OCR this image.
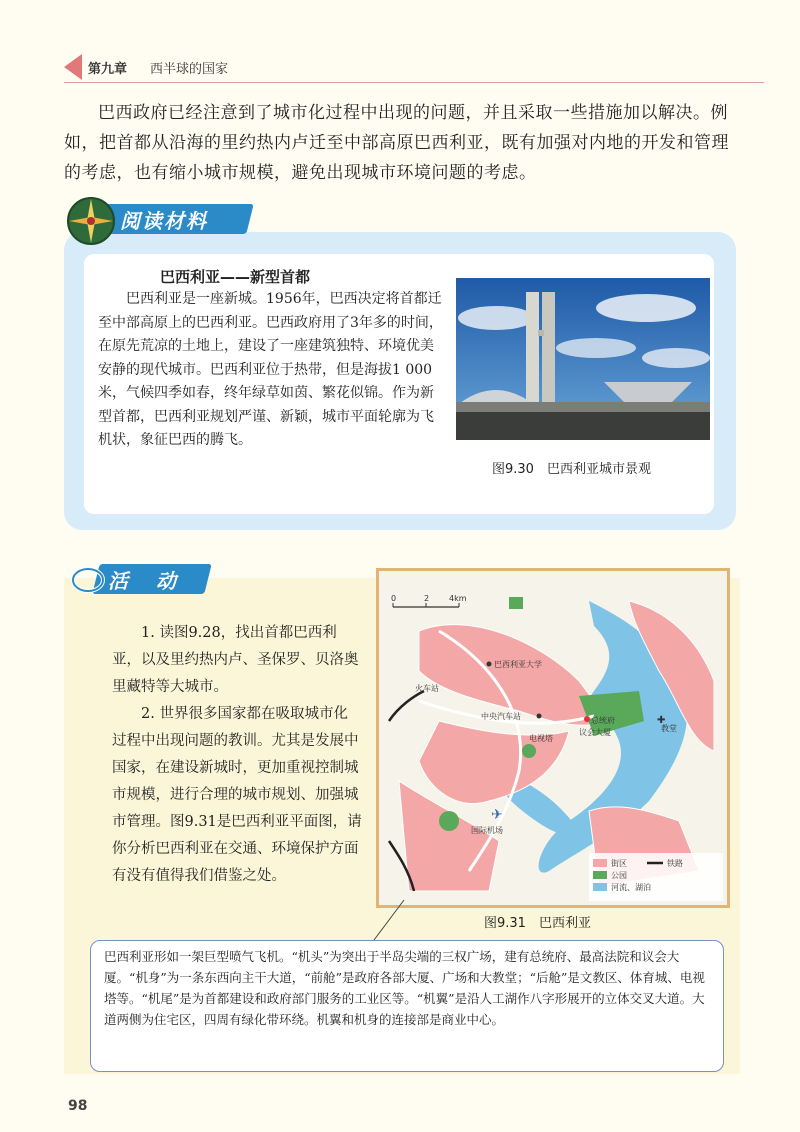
第九章 西半球的国家

巴西政府已经注意到了城市化过程中出现的问题，并且采取一些措施加以解决。例如，把首都从沿海的里约热内卢迁至中部高原巴西利亚，既有加强对内地的开发和管理的考虑，也有缩小城市规模，避免出现城市环境问题的考虑。

阅读材料
巴西利亚——新型首都

巴西利亚是一座新城。1956年，巴西决定将首都迁至中部高原上的巴西利亚。巴西政府用了3年多的时间，在原先荒凉的土地上，建设了一座建筑独特、环境优美安静的现代城市。巴西利亚位于热带，但是海拔1 000米，气候四季如春，终年绿草如茵、繁花似锦。作为新型首都，巴西利亚规划严谨、新颖，城市平面轮廓为飞机状，象征巴西的腾飞。

图9.30　巴西利亚城市景观
活　动

1. 读图9.28，找出首都巴西利亚，以及里约热内卢、圣保罗、贝洛奥里藏特等大城市。

2. 世界很多国家都在吸取城市化过程中出现问题的教训。尤其是发展中国家，在建设新城时，更加重视控制城市规模，进行合理的城市规划、加强城市管理。图9.31是巴西利亚平面图，请你分析巴西利亚在交通、环境保护方面有没有值得我们借鉴之处。

0	2 4km
巴西利亚大学
火车站
中央汽车站
电视塔
总统府
议会大厦	教堂
国际机场
✚
✈
街区	铁路
公园
河流、湖泊
图9.31　巴西利亚
巴西利亚形如一架巨型喷气飞机。“机头”为突出于半岛尖端的三权广场，建有总统府、最高法院和议会大厦。“机身”为一条东西向主干大道，“前舱”是政府各部大厦、广场和大教堂；“后舱”是文教区、体育城、电视塔等。“机尾”是为首都建设和政府部门服务的工业区等。“机翼”是沿人工湖作八字形展开的立体交叉大道。大道两侧为住宅区，四周有绿化带环绕。机翼和机身的连接部是商业中心。
98
